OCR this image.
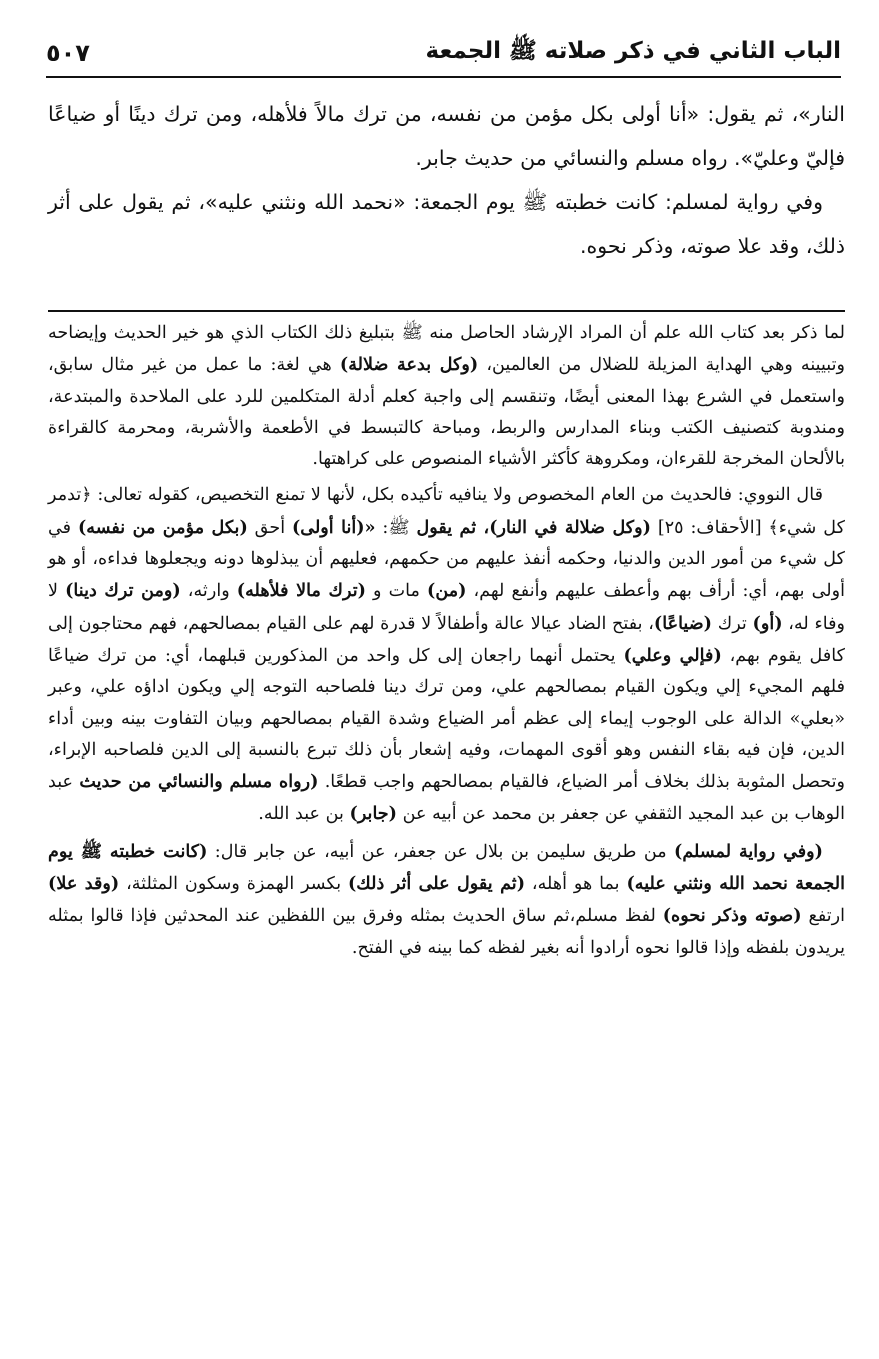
الباب الثاني في ذكر صلاته ﷺ الجمعة
٥٠٧

النار»، ثم يقول: «أنا أولى بكل مؤمن من نفسه، من ترك مالاً فلأهله، ومن ترك دينًا أو ضياعًا فإليّ وعليّ». رواه مسلم والنسائي من حديث جابر.

وفي رواية لمسلم: كانت خطبته ﷺ يوم الجمعة: «نحمد الله ونثني عليه»، ثم يقول على أثر ذلك، وقد علا صوته، وذكر نحوه.

لما ذكر بعد كتاب الله علم أن المراد الإرشاد الحاصل منه ﷺ بتبليغ ذلك الكتاب الذي هو خير الحديث وإيضاحه وتبيينه وهي الهداية المزيلة للضلال من العالمين، (وكل بدعة ضلالة) هي لغة: ما عمل من غير مثال سابق، واستعمل في الشرع بهذا المعنى أيضًا، وتنقسم إلى واجبة كعلم أدلة المتكلمين للرد على الملاحدة والمبتدعة، ومندوبة كتصنيف الكتب وبناء المدارس والربط، ومباحة كالتبسط في الأطعمة والأشربة، ومحرمة كالقراءة بالألحان المخرجة للقرءان، ومكروهة كأكثر الأشياء المنصوص على كراهتها.

قال النووي: فالحديث من العام المخصوص ولا ينافيه تأكيده بكل، لأنها لا تمنع التخصيص، كقوله تعالى: ﴿تدمر كل شيء﴾ [الأحقاف: ٢٥] (وكل ضلالة في النار)، ثم يقول ﷺ: «(أنا أولى) أحق (بكل مؤمن من نفسه) في كل شيء من أمور الدين والدنيا، وحكمه أنفذ عليهم من حكمهم، فعليهم أن يبذلوها دونه ويجعلوها فداءه، أو هو أولى بهم، أي: أرأف بهم وأعطف عليهم وأنفع لهم، (من) مات و (ترك مالا فلأهله) وارثه، (ومن ترك دينا) لا وفاء له، (أو) ترك (ضياعًا)، بفتح الضاد عيالا عالة وأطفالاً لا قدرة لهم على القيام بمصالحهم، فهم محتاجون إلى كافل يقوم بهم، (فإلي وعلي) يحتمل أنهما راجعان إلى كل واحد من المذكورين قبلهما، أي: من ترك ضياعًا فلهم المجيء إلي ويكون القيام بمصالحهم علي، ومن ترك دينا فلصاحبه التوجه إلي ويكون اداؤه علي، وعبر «بعلي» الدالة على الوجوب إيماء إلى عظم أمر الضياع وشدة القيام بمصالحهم وبيان التفاوت بينه وبين أداء الدين، فإن فيه بقاء النفس وهو أقوى المهمات، وفيه إشعار بأن ذلك تبرع بالنسبة إلى الدين فلصاحبه الإبراء، وتحصل المثوبة بذلك بخلاف أمر الضياع، فالقيام بمصالحهم واجب قطعًا. (رواه مسلم والنسائي من حديث عبد الوهاب بن عبد المجيد الثقفي عن جعفر بن محمد عن أبيه عن (جابر) بن عبد الله.

(وفي رواية لمسلم) من طريق سليمن بن بلال عن جعفر، عن أبيه، عن جابر قال: (كانت خطبته ﷺ يوم الجمعة نحمد الله ونثني عليه) بما هو أهله، (ثم يقول على أثر ذلك) بكسر الهمزة وسكون المثلثة، (وقد علا) ارتفع (صوته وذكر نحوه) لفظ مسلم،ثم ساق الحديث بمثله وفرق بين اللفظين عند المحدثين فإذا قالوا بمثله يريدون بلفظه وإذا قالوا نحوه أرادوا أنه بغير لفظه كما بينه في الفتح.
